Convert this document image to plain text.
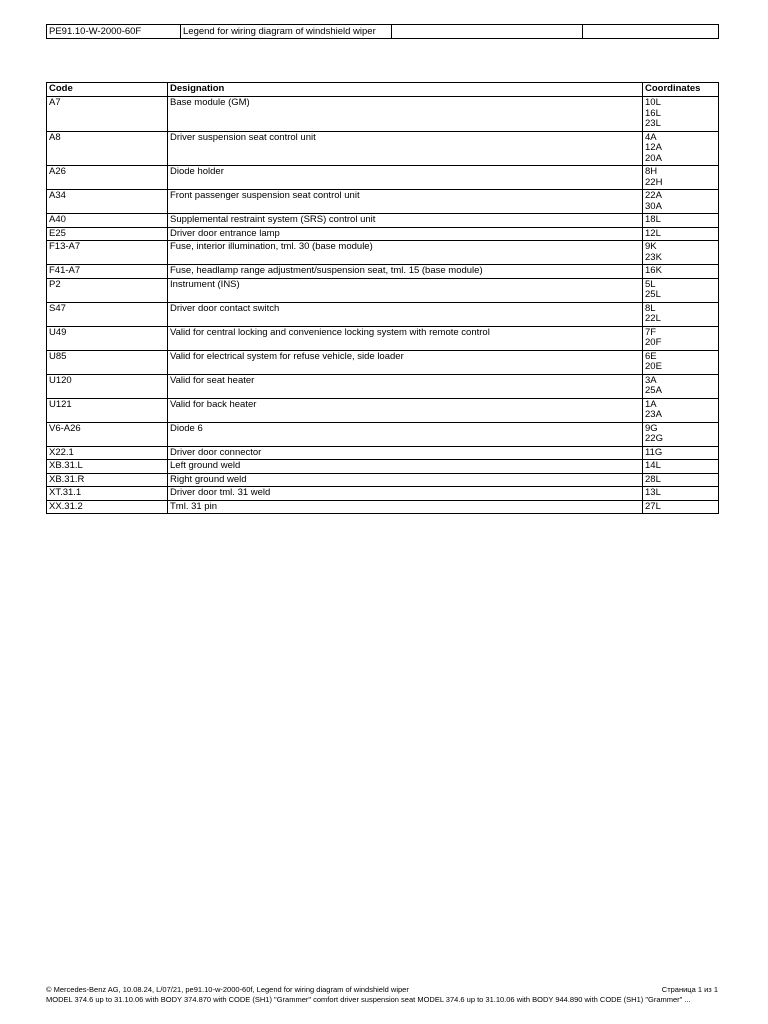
PE91.10-W-2000-60F	Legend for wiring diagram of windshield wiper		
Code	Designation	Coordinates
A7	Base module (GM)	10L
16L
23L

A8	Driver suspension seat control unit	4A
12A
20A

A26	Diode holder	8H
22H

A34	Front passenger suspension seat control unit	22A
30A

A40	Supplemental restraint system (SRS) control unit	18L

E25	Driver door entrance lamp	12L

F13-A7	Fuse, interior illumination, tml. 30 (base module)	9K
23K

F41-A7	Fuse, headlamp range adjustment/suspension seat, tml. 15 (base module)	16K

P2	Instrument (INS)	5L
25L

S47	Driver door contact switch	8L
22L

U49	Valid for central locking and convenience locking system with remote control	7F
20F

U85	Valid for electrical system for refuse vehicle, side loader	6E
20E

U120	Valid for seat heater	3A
25A

U121	Valid for back heater	1A
23A

V6-A26	Diode 6	9G
22G

X22.1	Driver door connector	11G

XB.31.L	Left ground weld	14L

XB.31.R	Right ground weld	28L

XT.31.1	Driver door tml. 31 weld	13L

XX.31.2	Tml. 31 pin	27L
© Mercedes-Benz AG, 10.08.24, L/07/21, pe91.10-w-2000-60f, Legend for wiring diagram of windshield wiper	Страница 1 из 1
MODEL 374.6 up to 31.10.06 with BODY 374.870 with CODE (SH1) "Grammer" comfort driver suspension seat MODEL 374.6 up to 31.10.06 with BODY 944.890 with CODE (SH1) "Grammer" ...
